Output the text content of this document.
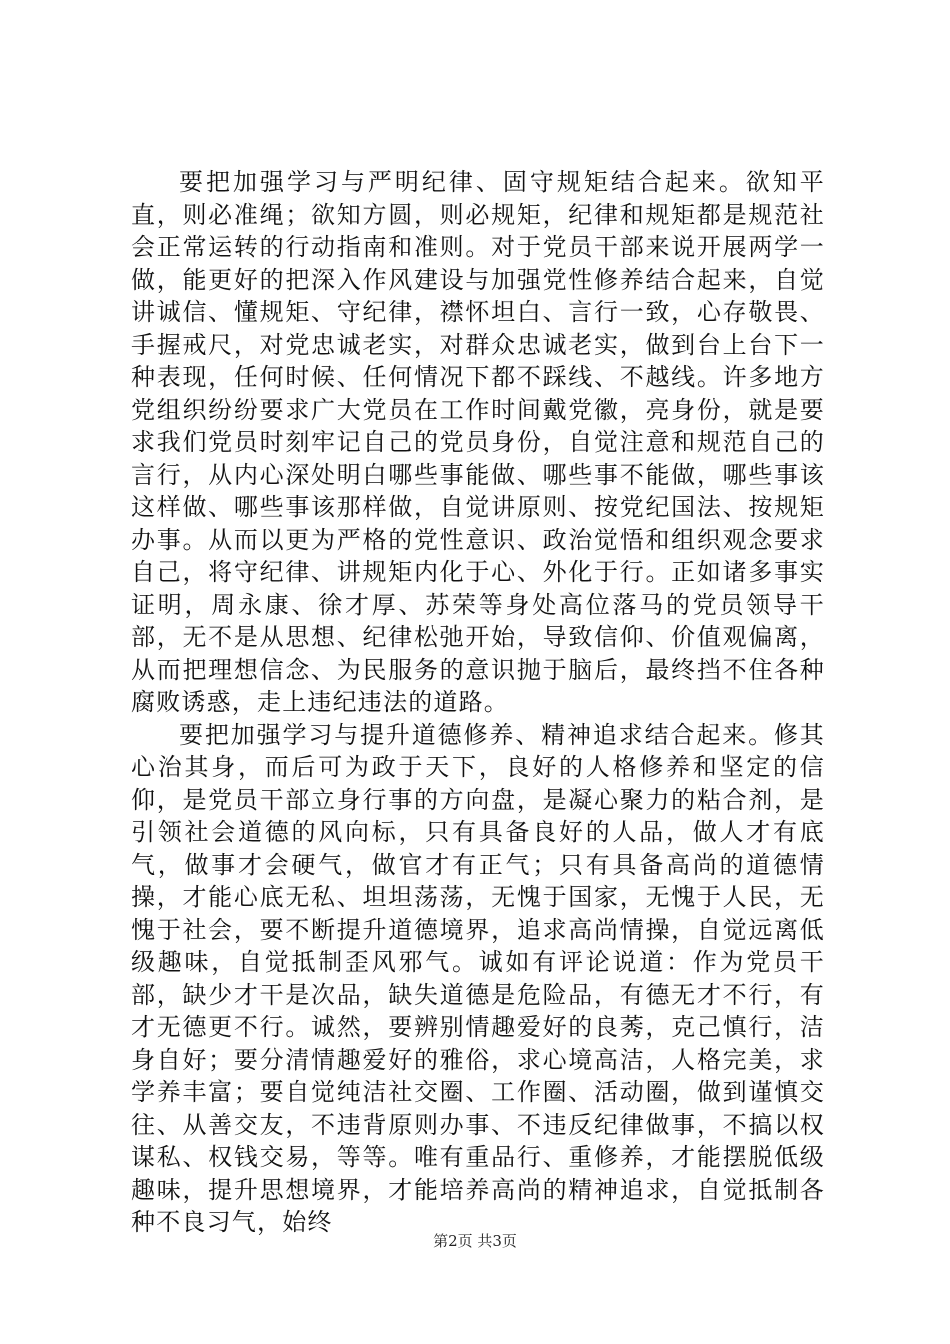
要把加强学习与严明纪律、固守规矩结合起来。欲知平直，则必准绳；欲知方圆，则必规矩，纪律和规矩都是规范社会正常运转的行动指南和准则。对于党员干部来说开展两学一做，能更好的把深入作风建设与加强党性修养结合起来，自觉讲诚信、懂规矩、守纪律，襟怀坦白、言行一致，心存敬畏、手握戒尺，对党忠诚老实，对群众忠诚老实，做到台上台下一种表现，任何时候、任何情况下都不踩线、不越线。许多地方党组织纷纷要求广大党员在工作时间戴党徽，亮身份，就是要求我们党员时刻牢记自己的党员身份，自觉注意和规范自己的言行，从内心深处明白哪些事能做、哪些事不能做，哪些事该这样做、哪些事该那样做，自觉讲原则、按党纪国法、按规矩办事。从而以更为严格的党性意识、政治觉悟和组织观念要求自己，将守纪律、讲规矩内化于心、外化于行。正如诸多事实证明，周永康、徐才厚、苏荣等身处高位落马的党员领导干部，无不是从思想、纪律松弛开始，导致信仰、价值观偏离，从而把理想信念、为民服务的意识抛于脑后，最终挡不住各种腐败诱惑，走上违纪违法的道路。

要把加强学习与提升道德修养、精神追求结合起来。修其心治其身，而后可为政于天下，良好的人格修养和坚定的信仰，是党员干部立身行事的方向盘，是凝心聚力的粘合剂，是引领社会道德的风向标，只有具备良好的人品，做人才有底气，做事才会硬气，做官才有正气；只有具备高尚的道德情操，才能心底无私、坦坦荡荡，无愧于国家，无愧于人民，无愧于社会，要不断提升道德境界，追求高尚情操，自觉远离低级趣味，自觉抵制歪风邪气。诚如有评论说道：作为党员干部，缺少才干是次品，缺失道德是危险品，有德无才不行，有才无德更不行。诚然，要辨别情趣爱好的良莠，克己慎行，洁身自好；要分清情趣爱好的雅俗，求心境高洁，人格完美，求学养丰富；要自觉纯洁社交圈、工作圈、活动圈，做到谨慎交往、从善交友，不违背原则办事、不违反纪律做事，不搞以权谋私、权钱交易，等等。唯有重品行、重修养，才能摆脱低级趣味，提升思想境界，才能培养高尚的精神追求，自觉抵制各种不良习气，始终

第2页 共3页
